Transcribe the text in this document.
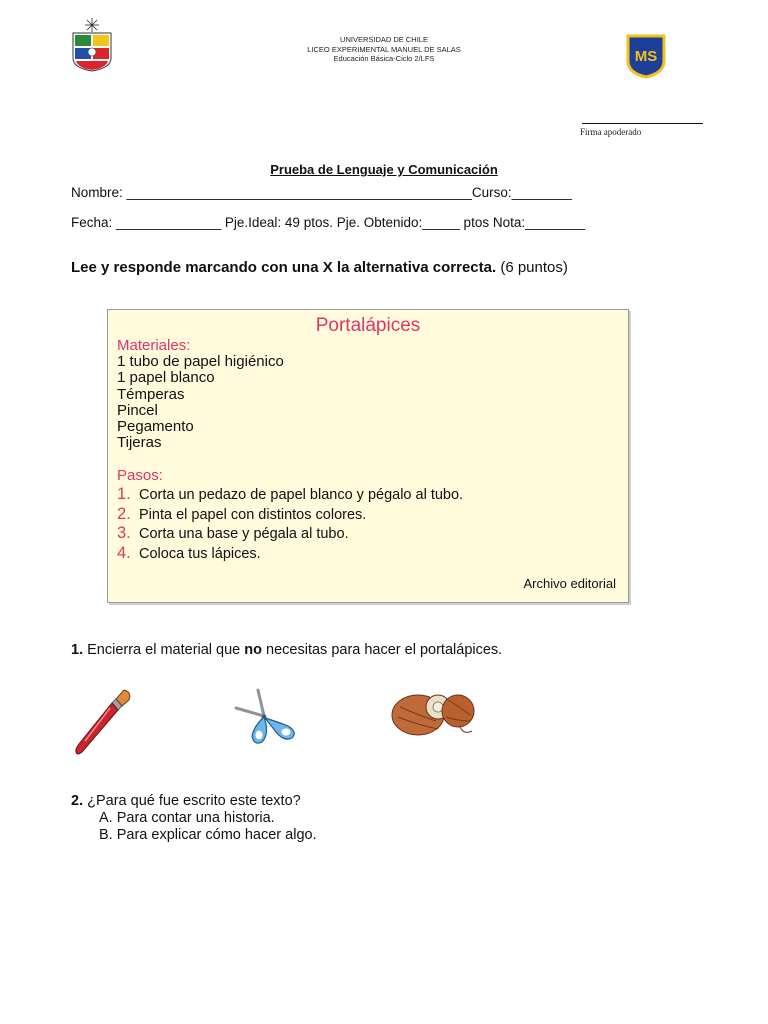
UNIVERSIDAD DE CHILE
LICEO EXPERIMENTAL MANUEL DE SALAS
Educación Básica-Ciclo 2/LFS	MS
Firma apoderado
Prueba de Lenguaje y Comunicación
Nombre: ______________________________________________Curso:________
Fecha: ______________ Pje.Ideal: 49 ptos. Pje. Obtenido:_____ ptos Nota:________
Lee y responde marcando con una X la alternativa correcta. (6 puntos)
Portalápices
Materiales:
1 tubo de papel higiénico
1 papel blanco
Témperas
Pincel
Pegamento
Tijeras
Pasos:
1. Corta un pedazo de papel blanco y pégalo al tubo.
2. Pinta el papel con distintos colores.
3. Corta una base y pégala al tubo.
4. Coloca tus lápices.
Archivo editorial
1. Encierra el material que no necesitas para hacer el portalápices.
2. ¿Para qué fue escrito este texto?
A. Para contar una historia.
B. Para explicar cómo hacer algo.
